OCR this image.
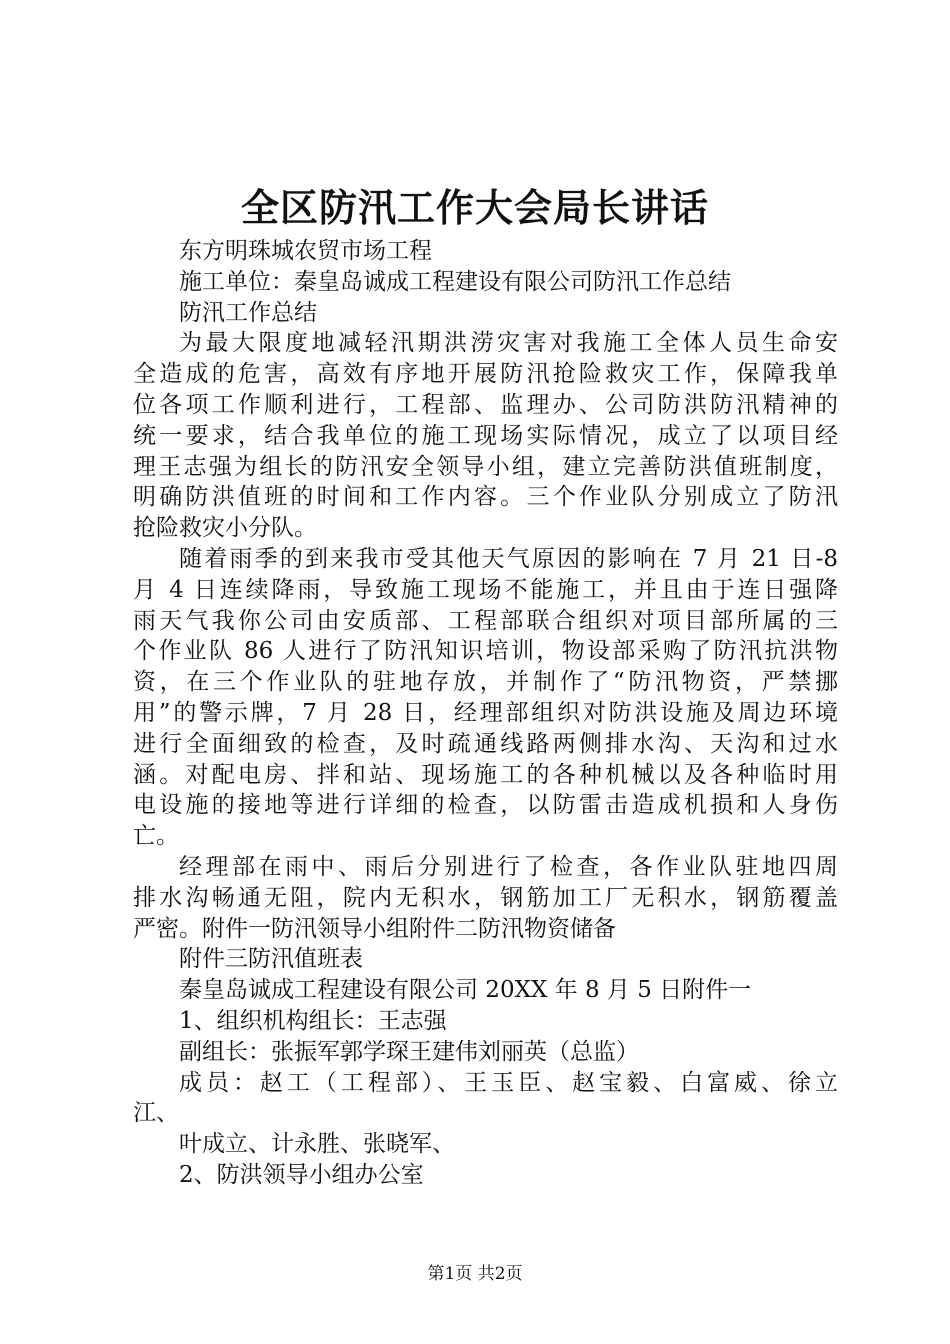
全区防汛工作大会局长讲话
东方明珠城农贸市场工程
施工单位：秦皇岛诚成工程建设有限公司防汛工作总结
防汛工作总结
为最大限度地减轻汛期洪涝灾害对我施工全体人员生命安
全造成的危害，高效有序地开展防汛抢险救灾工作，保障我单
位各项工作顺利进行，工程部、监理办、公司防洪防汛精神的
统一要求，结合我单位的施工现场实际情况，成立了以项目经
理王志强为组长的防汛安全领导小组，建立完善防洪值班制度，
明确防洪值班的时间和工作内容。三个作业队分别成立了防汛
抢险救灾小分队。
随着雨季的到来我市受其他天气原因的影响在 7 月 21 日-8
月 4 日连续降雨，导致施工现场不能施工，并且由于连日强降
雨天气我你公司由安质部、工程部联合组织对项目部所属的三
个作业队 86 人进行了防汛知识培训，物设部采购了防汛抗洪物
资，在三个作业队的驻地存放，并制作了“防汛物资，严禁挪
用”的警示牌，7 月 28 日，经理部组织对防洪设施及周边环境
进行全面细致的检查，及时疏通线路两侧排水沟、天沟和过水
涵。对配电房、拌和站、现场施工的各种机械以及各种临时用
电设施的接地等进行详细的检查，以防雷击造成机损和人身伤
亡。
经理部在雨中、雨后分别进行了检查，各作业队驻地四周
排水沟畅通无阻，院内无积水，钢筋加工厂无积水，钢筋覆盖
严密。附件一防汛领导小组附件二防汛物资储备
附件三防汛值班表
秦皇岛诚成工程建设有限公司 20XX 年 8 月 5 日附件一
1、组织机构组长：王志强
副组长：张振军郭学琛王建伟刘丽英（总监）
成员：赵工（工程部）、王玉臣、赵宝毅、白富威、徐立
江、
叶成立、计永胜、张晓军、
2、防洪领导小组办公室
第1页 共2页
